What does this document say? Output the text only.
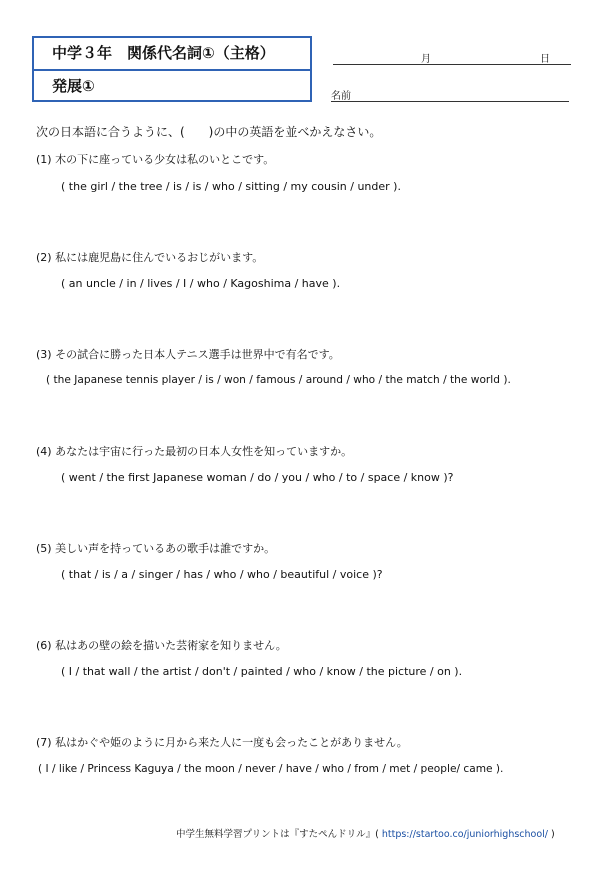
中学３年　関係代名詞①（主格）
発展①
月	日
名前
次の日本語に合うように、(　　)の中の英語を並べかえなさい。
(1) 木の下に座っている少女は私のいとこです。
( the girl / the tree / is / is / who / sitting / my cousin / under ).
(2) 私には鹿児島に住んでいるおじがいます。
( an uncle / in / lives / I / who / Kagoshima / have ).
(3) その試合に勝った日本人テニス選手は世界中で有名です。
( the Japanese tennis player / is / won / famous / around / who / the match / the world ).
(4) あなたは宇宙に行った最初の日本人女性を知っていますか。
( went / the first Japanese woman / do / you / who / to / space / know )?
(5) 美しい声を持っているあの歌手は誰ですか。
( that / is / a / singer / has / who / who / beautiful / voice )?
(6) 私はあの壁の絵を描いた芸術家を知りません。
( I / that wall / the artist / don't / painted / who / know / the picture / on ).
(7) 私はかぐや姫のように月から来た人に一度も会ったことがありません。
( I / like / Princess Kaguya / the moon / never / have / who / from / met / people/ came ).
中学生無料学習プリントは『すたぺんドリル』( https://startoo.co/juniorhighschool/ )
